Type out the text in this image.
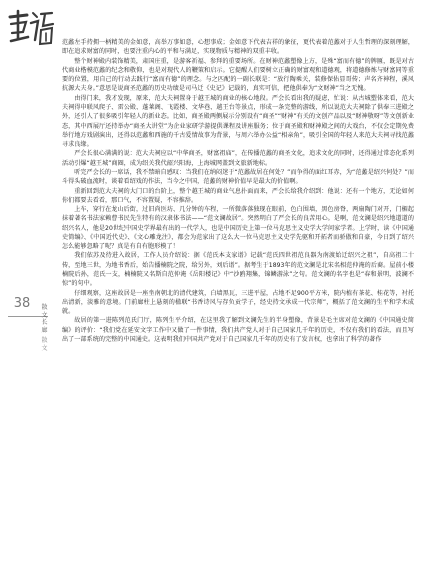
范蠡左手持拥一柄精美的金如意，高举万事如意，心想事成；金如意下代表吉祥的象征，更代表着范蠡对于人生哲理的深刻理解，即在追求财富的同时，也要注重内心的平和与满足，实现物质与精神的双重丰收。

整个财神殿内装饰精美，肃国庄重，是游客祈福、参拜的重要场所。在财神范蠡塑像上方，是殊“富而有德”的牌匾，既是对古代商业楷模范蠡的纪念和敬仰，也是对现代人的鞭策和启示。它提醒人们要树立正确的财富观和道德观，将道德修炼与财富同等重要的位置，用自己的行动去践行“富而有德”的理念。与之匹配的一副长联是：“放行陶乘关，装修保佑显哥传；声名齐神程，溪风抗源大夫身。”意思是说商圣范蠡的历史功绩是司马迁《史记》记载的，真实可信，把他供奉为“文财神”当之无愧。

由得门来，我才发现，原来，范大夫祠置身于越王城的商业的核心地段。严会长看出我的疑虑，忙说：从古城塑体来看，范大夫祠得申联风爬子、雷公殿、蓬莱阁、飞霞楼、文华巷、越王台等景点，形成一条完整的游线，所以说范大夫祠除了供奉三进殿之外，还引人了很多吸引年轻人的新业态。比如，商圣殿两侧展示分别设有“商圣”“财神”有关的文创产品以及“财神敬呀”等文创新业态，其中西展厅还持举办“商圣大讲堂”为企业家研学游提供课程及讲座服务；位于商圣殿和财神殿之间的大戏台，不仅会定期免费举行地方戏剧演出，还得以范蠡和西施的千古爱情故事为背景，与周六举办公益“相亲角”，吸引全国的年轻人来范大夫祠寻找范蠡寻求良缘。

严会长很心满满的说：范大夫祠应以“中华商圣，财富祖庙”，在传播范蠡的商圣文化，追求文化的同时，还得通过常态化系列活动引爆“越王城”商圈，成为绍关我代韶兴阳海，上海城网盖到文旅新地标。

听完严会长的一席话，我不禁暗自感叹：当我们在纳闷迷于“范蠡故居在何处？”而争得的面红耳赤，为“范蠡是绍兴何处？”而斗得头破血流时，谈着看绍戏的作法，当今之中国，范蠡的财神价值早是最大的价值啊。

重新回到范大夫祠的大门口的台阶上，整个越王城的商业气息扑面而来，严会长给我介绍到：他说：还有一个地方，无论如何你们都要去看看，那口气，不容置疑，不容推辞。

上车，穿行在龙山后街，过旧尚医坊、几分钟的车程，一所微落落独现在眼前，色白围墙，黑色房脊，两扇陶门对开，门楣起抹着著名书法家赖曹书民先生特有的汉隶体书法——“范文澜故居”。突然明白了严会长的良苦用心。是啊，范文澜是绍兴地道道的绍兴名人，他是20世纪中国史学界最有出的一代学人，也是中国历史上第一位马克思主义史学大学问家学者。上学时，读《中国通史简编》、《中国近代史》、《文心雕龙注》，都会为范家出了这么大一位马克思主义史学先驱和开拓者而骄傲和自豪，今日到了绍兴怎么能够忽略了呢？真是有自有胞形模了！

我们依苏及待进入故居，工作人员介绍说：据《范氏本支家谱》记载“范氏四世祖范良器为南渡始迁绍兴之祖”，自高祖二十传，至地三世，为地书香后，始告播楠院之院，给另外，刘后谱”。据考生于1893年的范文澜是北宋名相范仲淹的后裔。屋前小楼楠院后孙，范氏一支，楠楠院又名斯自范仲淹《岳阳楼记》中“沙鸥翔集，锦鳞游泳”之句。范文澜的名字也是“春和景明，波澜不惊”的句中。

仔细观察，这座故居是一座坐南朝北的清代建筑，白墙黑瓦，三进平屋，占地不足900平方米，院内植有茶花、桂花等，衬托出清新，淡雅的意境。门前廊柱上悬刻的楹联“书香诗风与存负贡学子，经史持文承成一代宗师”，概括了范文澜的生平和学术成就。

故居的第一进陈列范氏门厅，陈列生平介绍，在这里我了解到文澜先生的半身塑像，背景是毛主席对范文澜的《中国通史简编》的评价：“我们党在延安文字工作中又做了一件事情，我们共产党人对于自己国家几千年的历史，不仅有我们的看法，而且写出了一部系统的完整的中国通史。这表明我们中国共产党对于自己国家几千年的历史有了发言权，也拿出了科学的著作

38	散
文
长
廊
散
文
